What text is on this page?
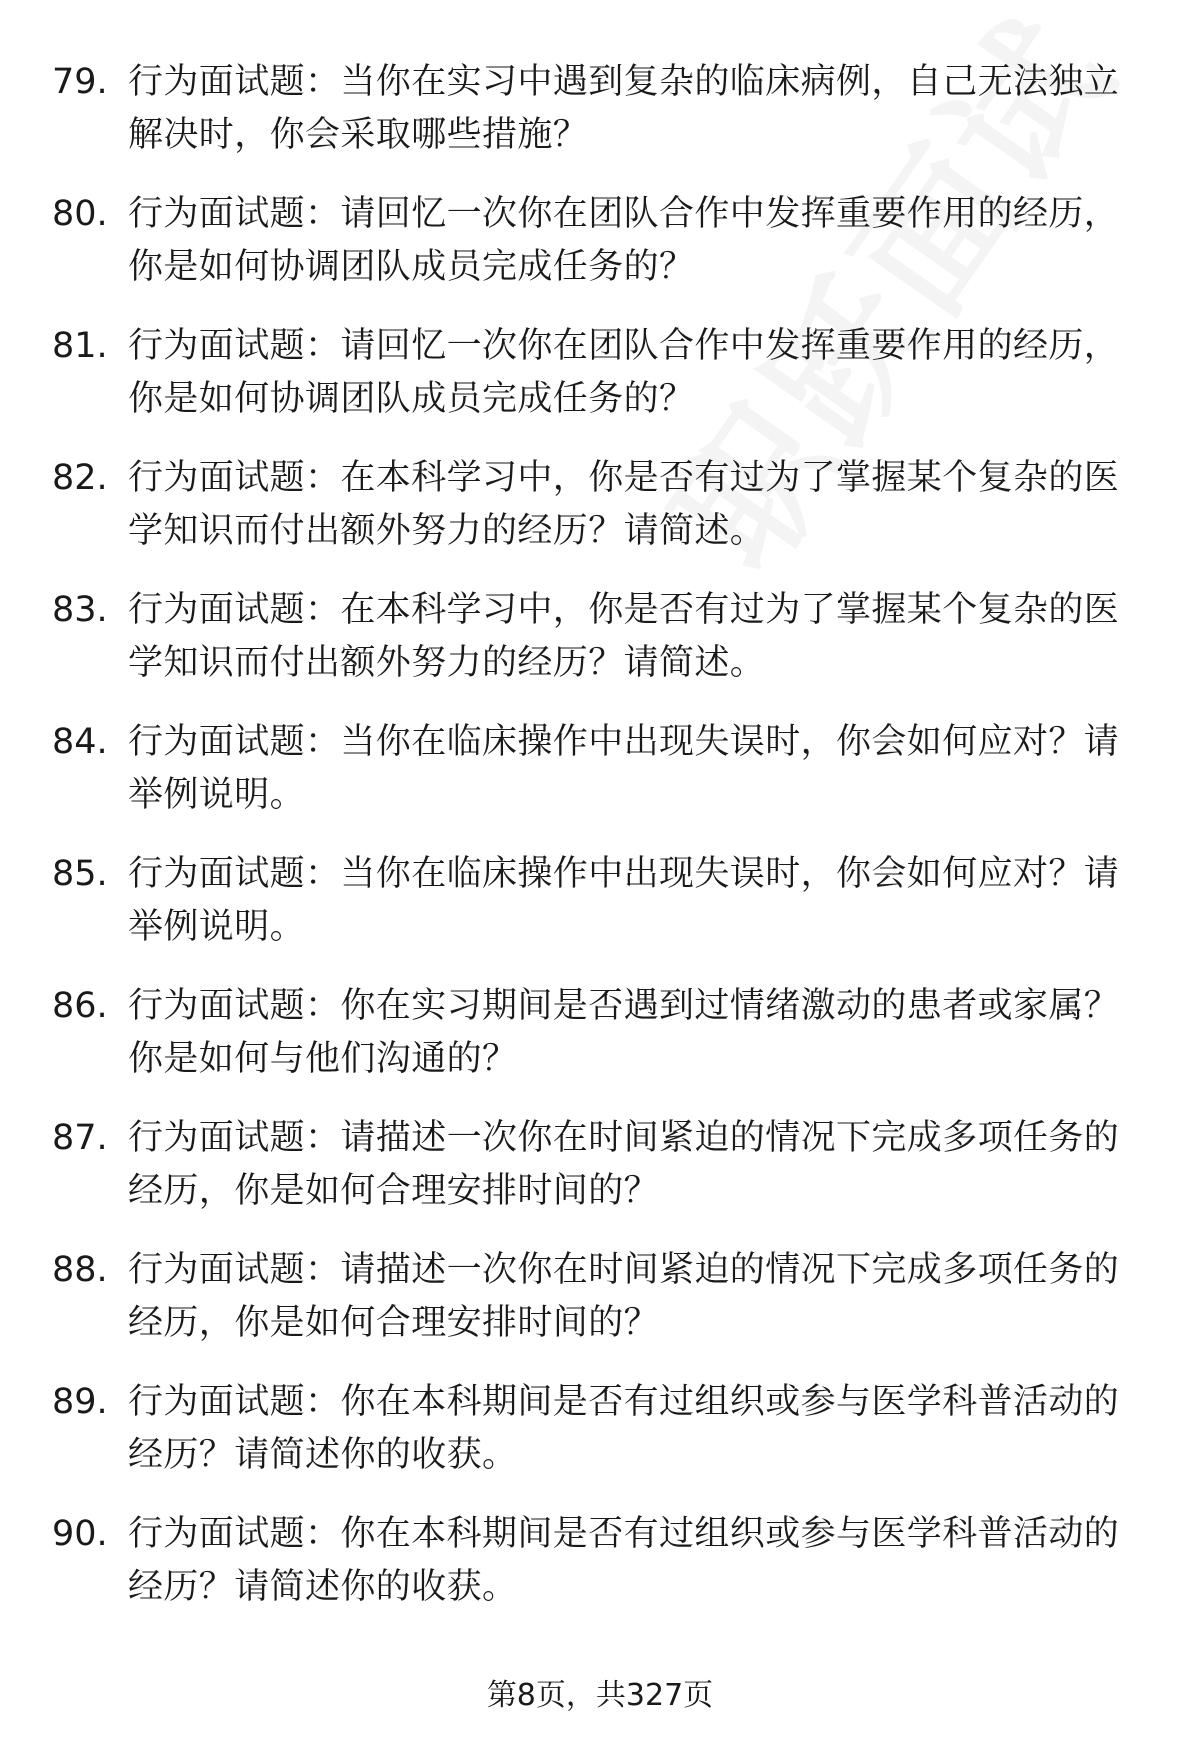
79. 行为面试题：当你在实习中遇到复杂的临床病例，自己无法独立解决时，你会采取哪些措施？
80. 行为面试题：请回忆一次你在团队合作中发挥重要作用的经历，你是如何协调团队成员完成任务的？
81. 行为面试题：请回忆一次你在团队合作中发挥重要作用的经历，你是如何协调团队成员完成任务的？
82. 行为面试题：在本科学习中，你是否有过为了掌握某个复杂的医学知识而付出额外努力的经历？请简述。
83. 行为面试题：在本科学习中，你是否有过为了掌握某个复杂的医学知识而付出额外努力的经历？请简述。
84. 行为面试题：当你在临床操作中出现失误时，你会如何应对？请举例说明。
85. 行为面试题：当你在临床操作中出现失误时，你会如何应对？请举例说明。
86. 行为面试题：你在实习期间是否遇到过情绪激动的患者或家属？你是如何与他们沟通的？
87. 行为面试题：请描述一次你在时间紧迫的情况下完成多项任务的经历，你是如何合理安排时间的？
88. 行为面试题：请描述一次你在时间紧迫的情况下完成多项任务的经历，你是如何合理安排时间的？
89. 行为面试题：你在本科期间是否有过组织或参与医学科普活动的经历？请简述你的收获。
90. 行为面试题：你在本科期间是否有过组织或参与医学科普活动的经历？请简述你的收获。
第8页，共327页
